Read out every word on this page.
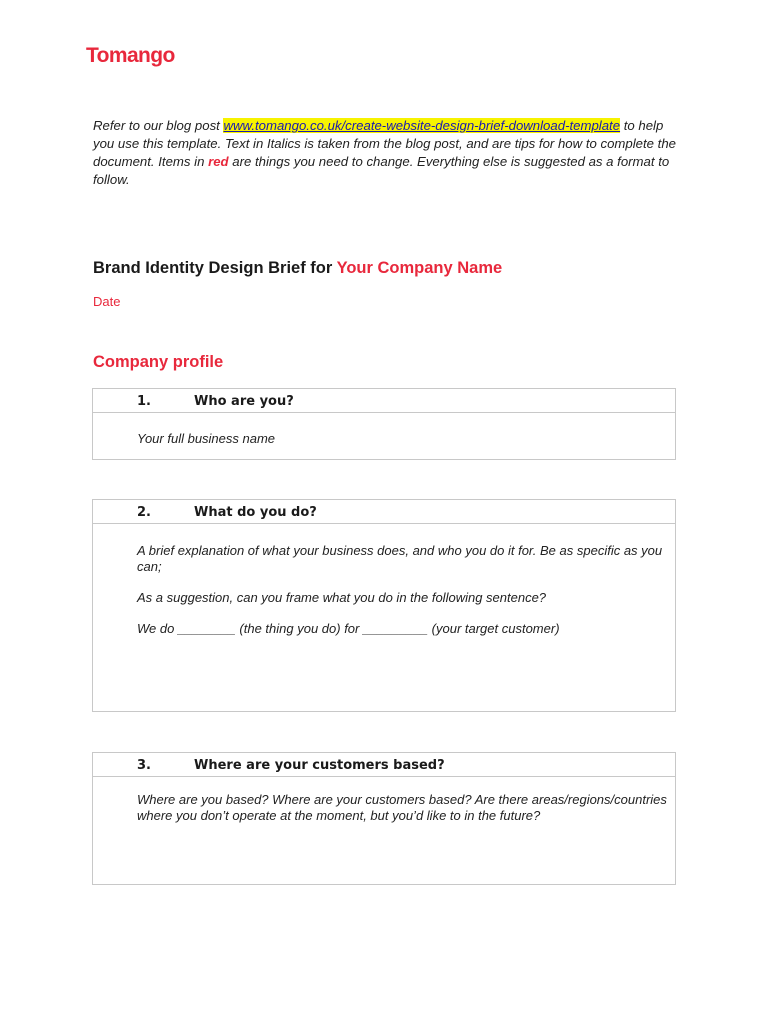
Tomango
Refer to our blog post www.tomango.co.uk/create-website-design-brief-download-template to help you use this template. Text in Italics is taken from the blog post, and are tips for how to complete the document. Items in red are things you need to change. Everything else is suggested as a format to follow.
Brand Identity Design Brief for Your Company Name
Date
Company profile
1.	Who are you?

Your full business name

2.	What do you do?

A brief explanation of what your business does, and who you do it for. Be as specific as you can;

As a suggestion, can you frame what you do in the following sentence?

We do ________ (the thing you do) for _________ (your target customer)

3.	Where are your customers based?

Where are you based? Where are your customers based? Are there areas/regions/countries where you don’t operate at the moment, but you’d like to in the future?
